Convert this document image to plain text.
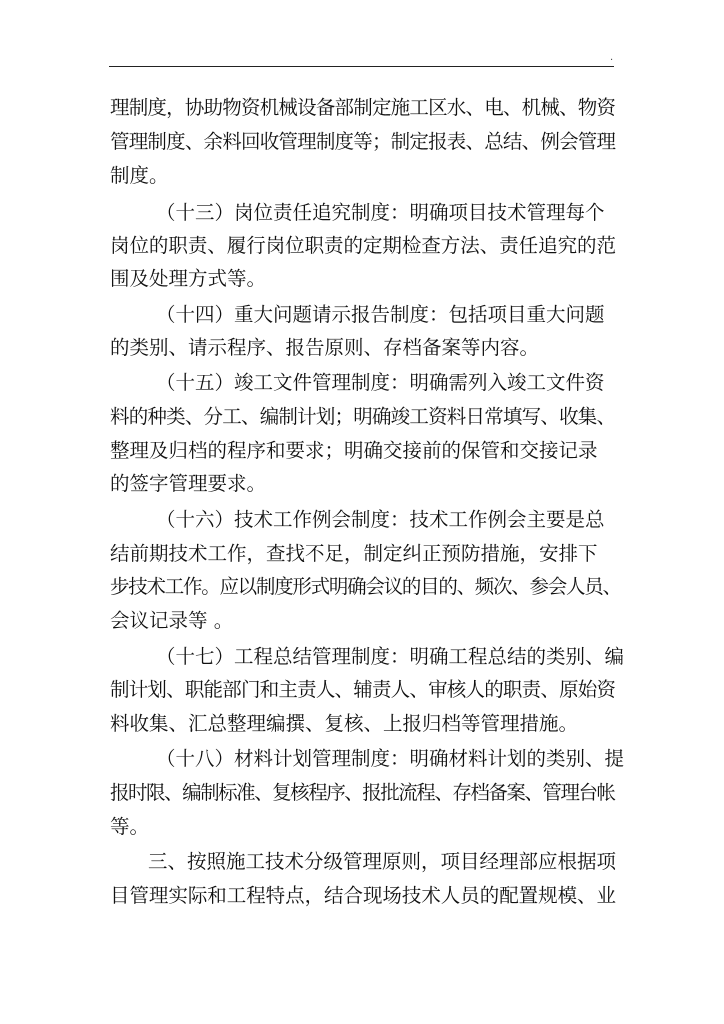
.
理制度，协助物资机械设备部制定施工区水、电、机械、物资
管理制度、余料回收管理制度等；制定报表、总结、例会管理
制度。
（十三）岗位责任追究制度：明确项目技术管理每个
岗位的职责、履行岗位职责的定期检查方法、责任追究的范
围及处理方式等。
（十四）重大问题请示报告制度：包括项目重大问题
的类别、请示程序、报告原则、存档备案等内容。
（十五）竣工文件管理制度：明确需列入竣工文件资
料的种类、分工、编制计划；明确竣工资料日常填写、收集、
整理及归档的程序和要求；明确交接前的保管和交接记录
的签字管理要求。
（十六）技术工作例会制度：技术工作例会主要是总
结前期技术工作，查找不足，制定纠正预防措施，安排下
步技术工作。应以制度形式明确会议的目的、频次、参会人员、
会议记录等 。
（十七）工程总结管理制度：明确工程总结的类别、编
制计划、职能部门和主责人、辅责人、审核人的职责、原始资
料收集、汇总整理编撰、复核、上报归档等管理措施。
（十八）材料计划管理制度：明确材料计划的类别、提
报时限、编制标准、复核程序、报批流程、存档备案、管理台帐
等。
三、按照施工技术分级管理原则，项目经理部应根据项
目管理实际和工程特点，结合现场技术人员的配置规模、业
